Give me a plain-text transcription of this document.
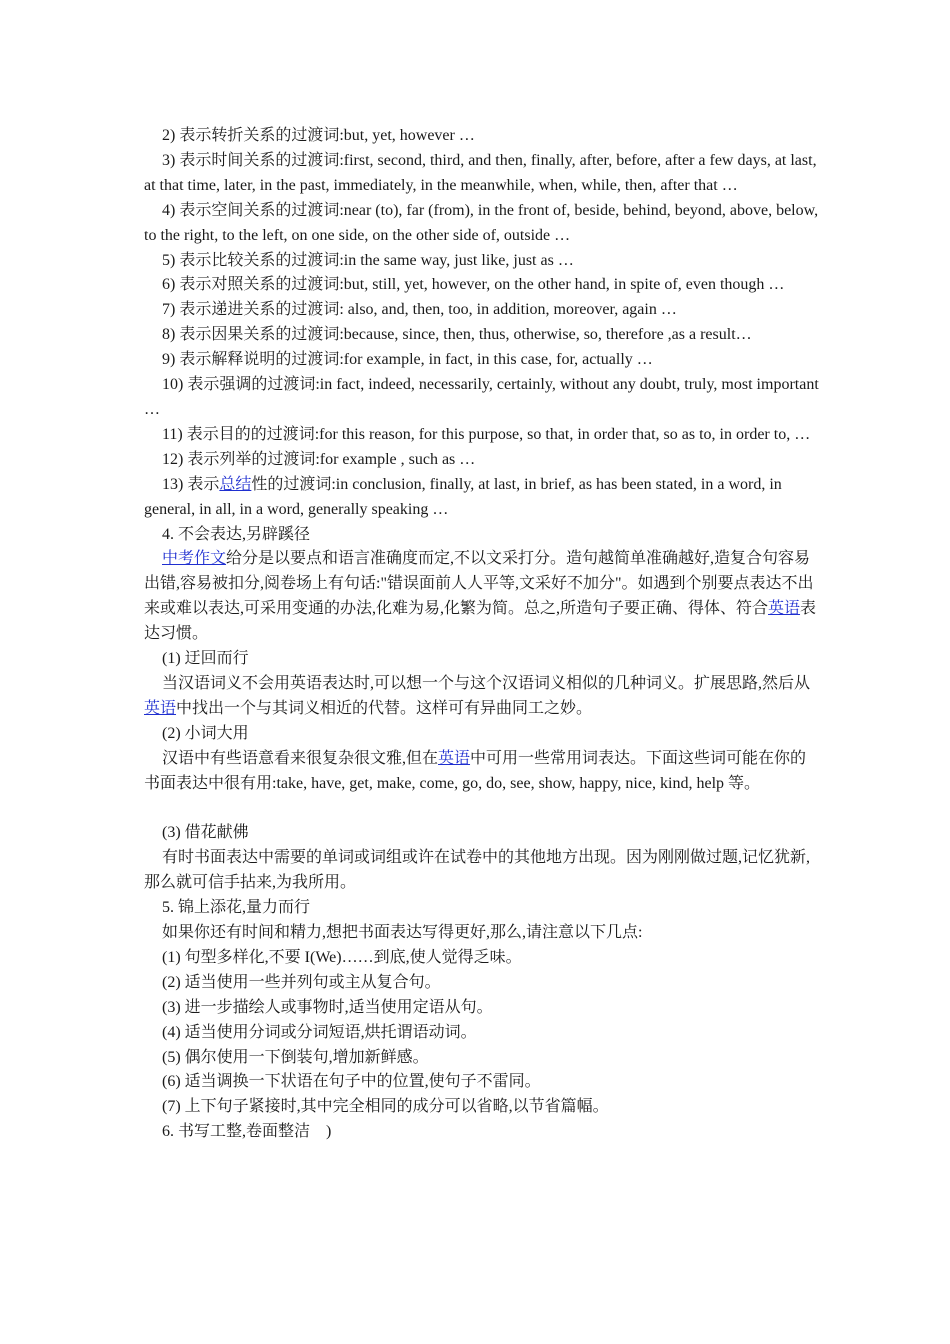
2) 表示转折关系的过渡词:but, yet, however …

3) 表示时间关系的过渡词:first, second, third, and then, finally, after, before, after a few days, at last, at that time, later, in the past, immediately, in the meanwhile, when, while, then, after that …

4) 表示空间关系的过渡词:near (to), far (from), in the front of, beside, behind, beyond, above, below, to the right, to the left, on one side, on the other side of, outside …

5) 表示比较关系的过渡词:in the same way, just like, just as …

6) 表示对照关系的过渡词:but, still, yet, however, on the other hand, in spite of, even though …

7) 表示递进关系的过渡词: also, and, then, too, in addition, moreover, again …

8) 表示因果关系的过渡词:because, since, then, thus, otherwise, so, therefore ,as a result…

9) 表示解释说明的过渡词:for example, in fact, in this case, for, actually …

10) 表示强调的过渡词:in fact, indeed, necessarily, certainly, without any doubt, truly, most important …

11) 表示目的的过渡词:for this reason, for this purpose, so that, in order that, so as to, in order to, …

12) 表示列举的过渡词:for example , such as …

13) 表示总结性的过渡词:in conclusion, finally, at last, in brief, as has been stated, in a word, in general, in all, in a word, generally speaking …

4. 不会表达,另辟蹊径

中考作文给分是以要点和语言准确度而定,不以文采打分。造句越简单准确越好,造复合句容易出错,容易被扣分,阅卷场上有句话:"错误面前人人平等,文采好不加分"。如遇到个别要点表达不出来或难以表达,可采用变通的办法,化难为易,化繁为简。总之,所造句子要正确、得体、符合英语表达习惯。

(1) 迂回而行

当汉语词义不会用英语表达时,可以想一个与这个汉语词义相似的几种词义。扩展思路,然后从英语中找出一个与其词义相近的代替。这样可有异曲同工之妙。

(2) 小词大用

汉语中有些语意看来很复杂很文雅,但在英语中可用一些常用词表达。下面这些词可能在你的书面表达中很有用:take, have, get, make, come, go, do, see, show, happy, nice, kind, help 等。

(3) 借花献佛

有时书面表达中需要的单词或词组或许在试卷中的其他地方出现。因为刚刚做过题,记忆犹新,那么就可信手拈来,为我所用。

5. 锦上添花,量力而行

如果你还有时间和精力,想把书面表达写得更好,那么,请注意以下几点:

(1) 句型多样化,不要 I(We)……到底,使人觉得乏味。

(2) 适当使用一些并列句或主从复合句。

(3) 进一步描绘人或事物时,适当使用定语从句。

(4) 适当使用分词或分词短语,烘托谓语动词。

(5) 偶尔使用一下倒装句,增加新鲜感。

(6) 适当调换一下状语在句子中的位置,使句子不雷同。

(7) 上下句子紧接时,其中完全相同的成分可以省略,以节省篇幅。

6. 书写工整,卷面整洁　)
